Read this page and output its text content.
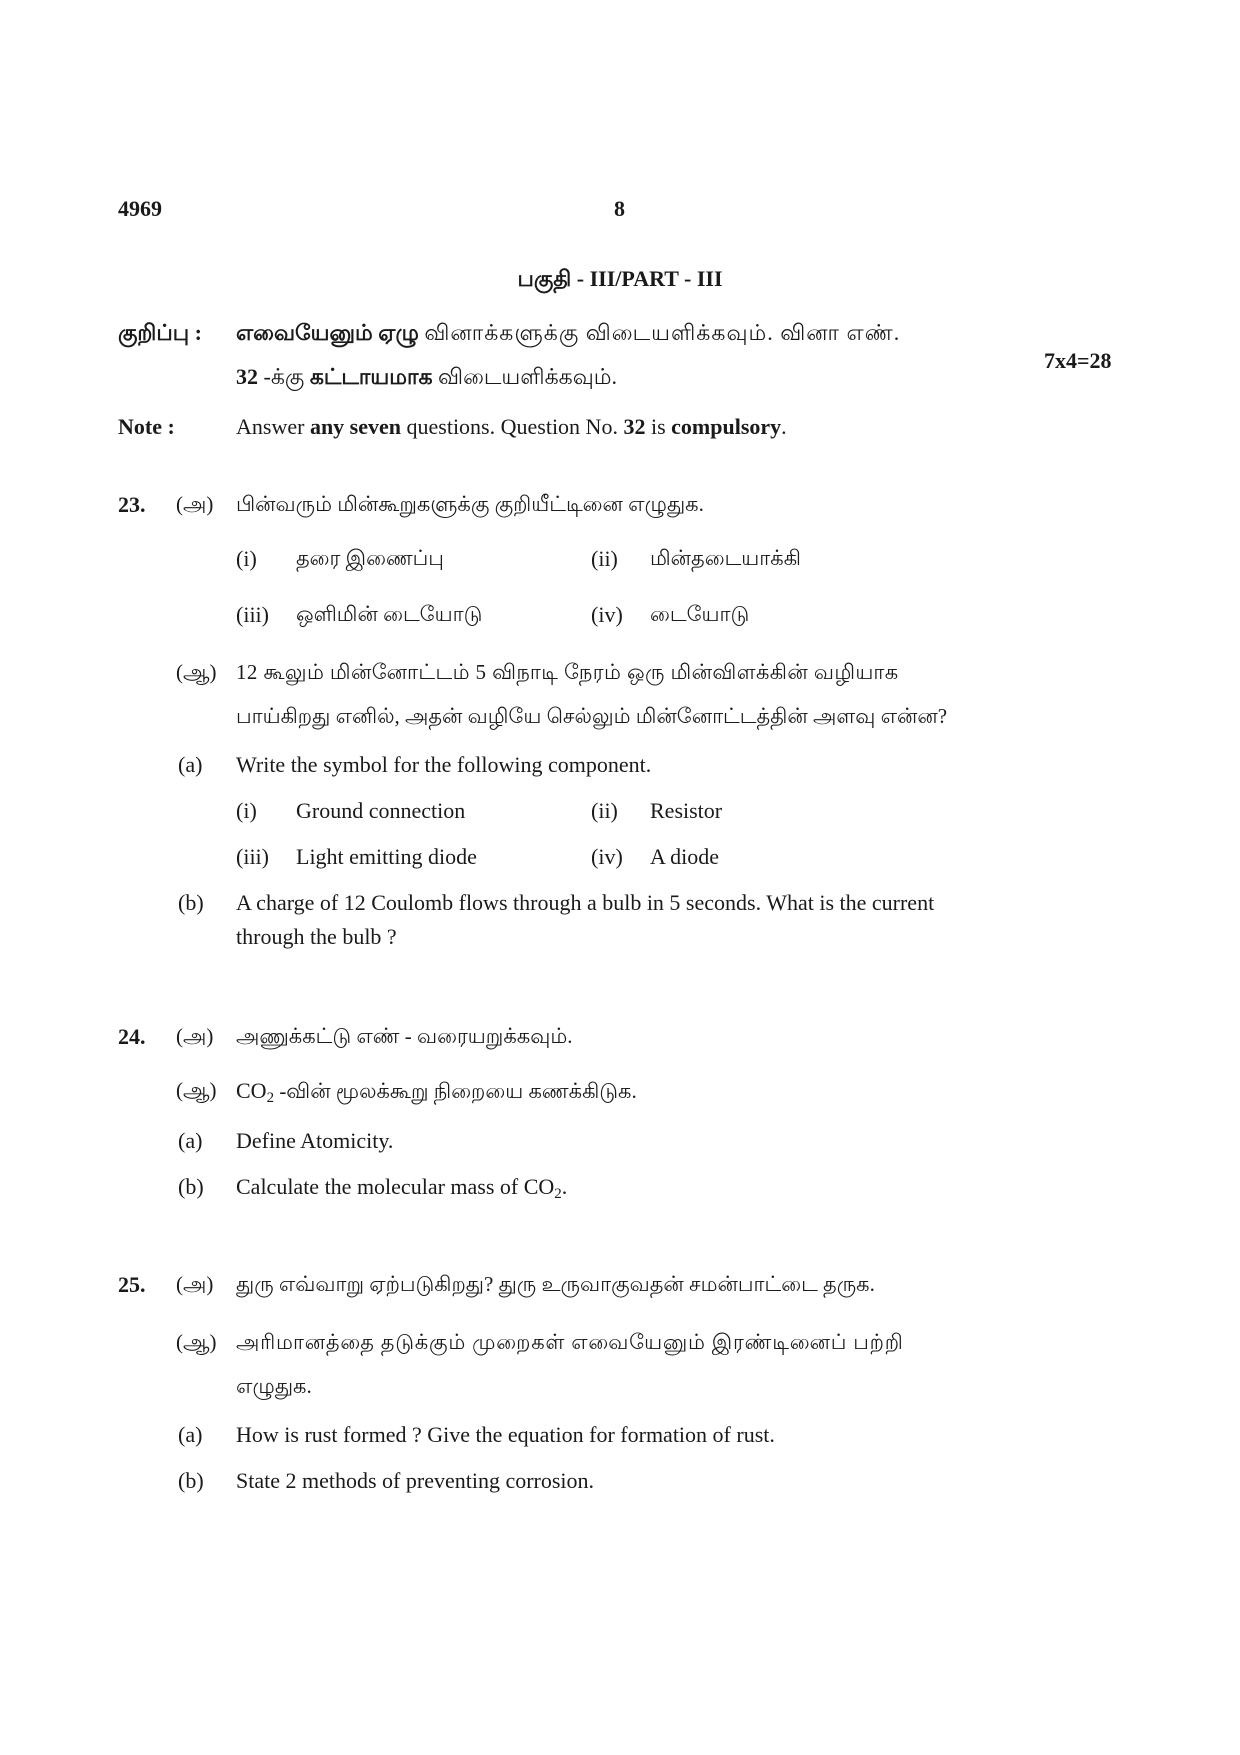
4969	8
பகுதி - III/PART - III
குறிப்பு : எவையேனும் ஏழு வினாக்களுக்கு விடையளிக்கவும். வினா எண்.
7x4=28
32 -க்கு கட்டாயமாக விடையளிக்கவும்.
Note :	Answer any seven questions. Question No. 32 is compulsory.
23. (அ) பின்வரும் மின்கூறுகளுக்கு குறியீட்டினை எழுதுக.
(i) தரை இணைப்பு	(ii) மின்தடையாக்கி
(iii) ஒளிமின் டையோடு	(iv) டையோடு
(ஆ) 12 கூலும் மின்னோட்டம் 5 விநாடி நேரம் ஒரு மின்விளக்கின் வழியாக
பாய்கிறது எனில், அதன் வழியே செல்லும் மின்னோட்டத்தின் அளவு என்ன?
(a) Write the symbol for the following component.
(i) Ground connection	(ii) Resistor
(iii) Light emitting diode	(iv) A diode
(b) A charge of 12 Coulomb flows through a bulb in 5 seconds. What is the current
through the bulb ?
24. (அ) அணுக்கட்டு எண் - வரையறுக்கவும்.
(ஆ) $CO_2$ -வின் மூலக்கூறு நிறையை கணக்கிடுக.
(a) Define Atomicity.
(b) Calculate the molecular mass of $CO_2$.
25. (அ) துரு எவ்வாறு ஏற்படுகிறது? துரு உருவாகுவதன் சமன்பாட்டை தருக.
(ஆ) அரிமானத்தை தடுக்கும் முறைகள் எவையேனும் இரண்டினைப் பற்றி
எழுதுக.
(a) How is rust formed ? Give the equation for formation of rust.
(b) State 2 methods of preventing corrosion.
